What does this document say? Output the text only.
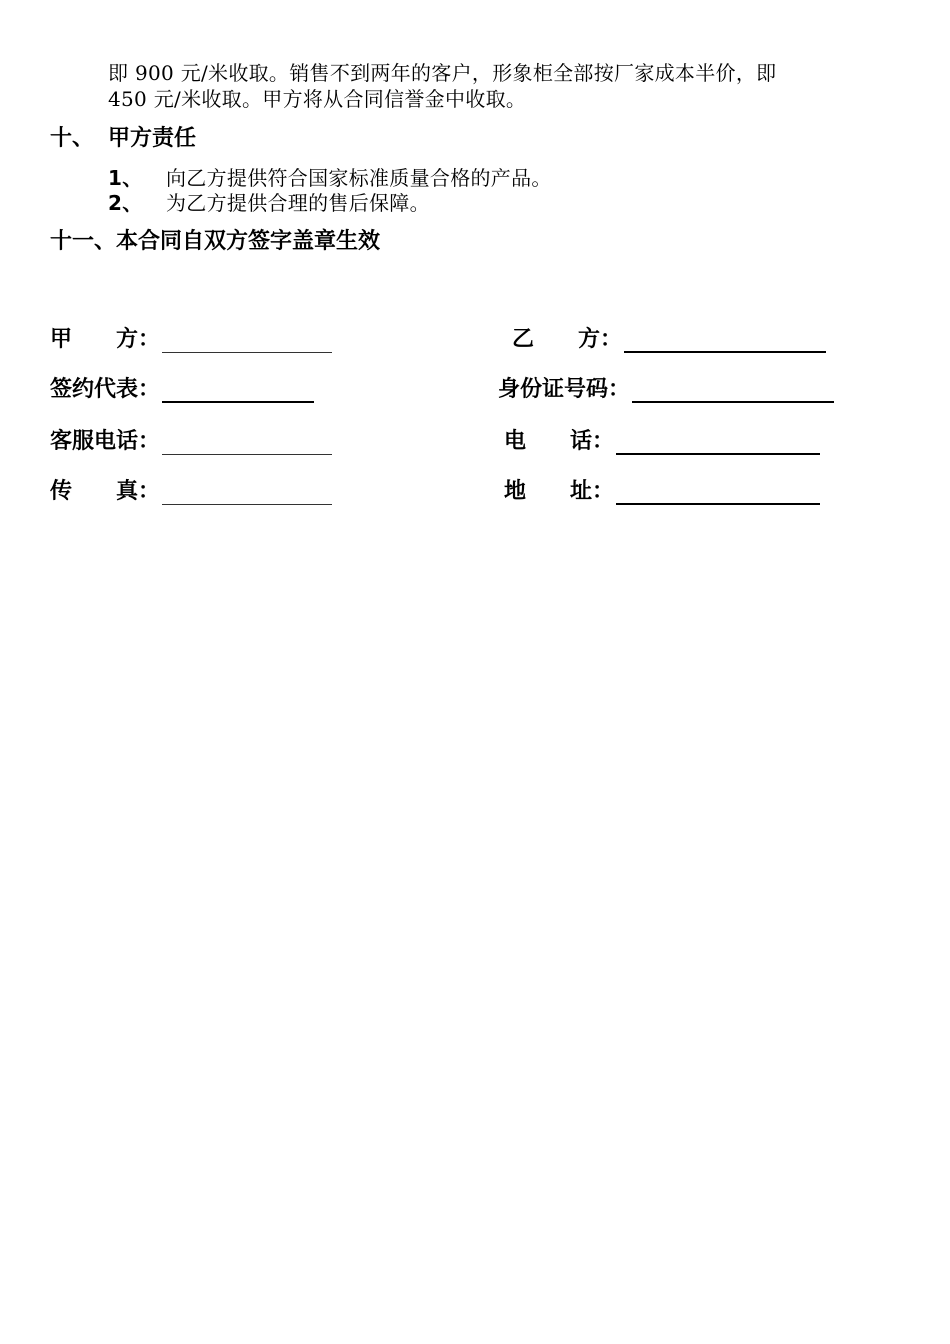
即 900 元/米收取。销售不到两年的客户，形象柜全部按厂家成本半价，即
450 元/米收取。甲方将从合同信誉金中收取。
十、 甲方责任
1、 向乙方提供符合国家标准质量合格的产品。
2、 为乙方提供合理的售后保障。
十一、本合同自双方签字盖章生效
甲　　方：
签约代表：
客服电话：
传　　真：
乙　　方：
身份证号码：
电　　话：
地　　址：
